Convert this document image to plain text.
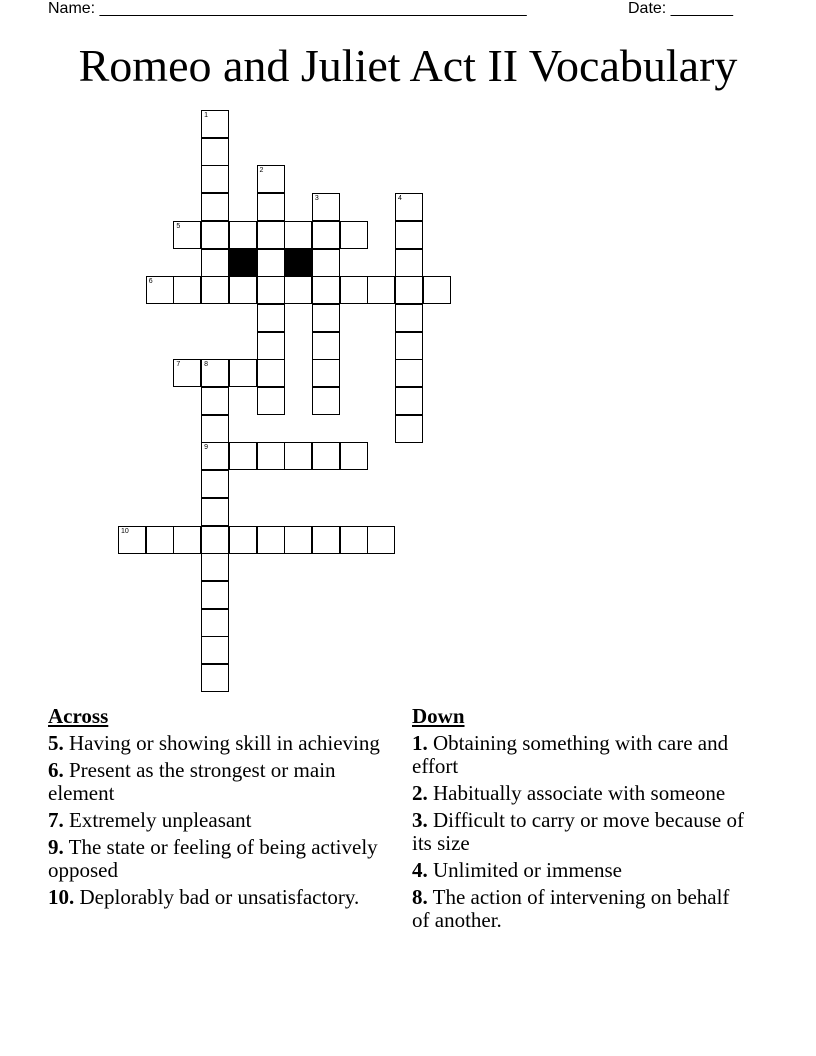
Name: ________________________________________________	Date: _______
Romeo and Juliet Act II Vocabulary
1
2
3	4
5
6
7	8
9
10
Across
5. Having or showing skill in achieving
6. Present as the strongest or main element
7. Extremely unpleasant
9. The state or feeling of being actively opposed
10. Deplorably bad or unsatisfactory.
Down
1. Obtaining something with care and effort
2. Habitually associate with someone
3. Difficult to carry or move because of its size
4. Unlimited or immense
8. The action of intervening on behalf of another.
